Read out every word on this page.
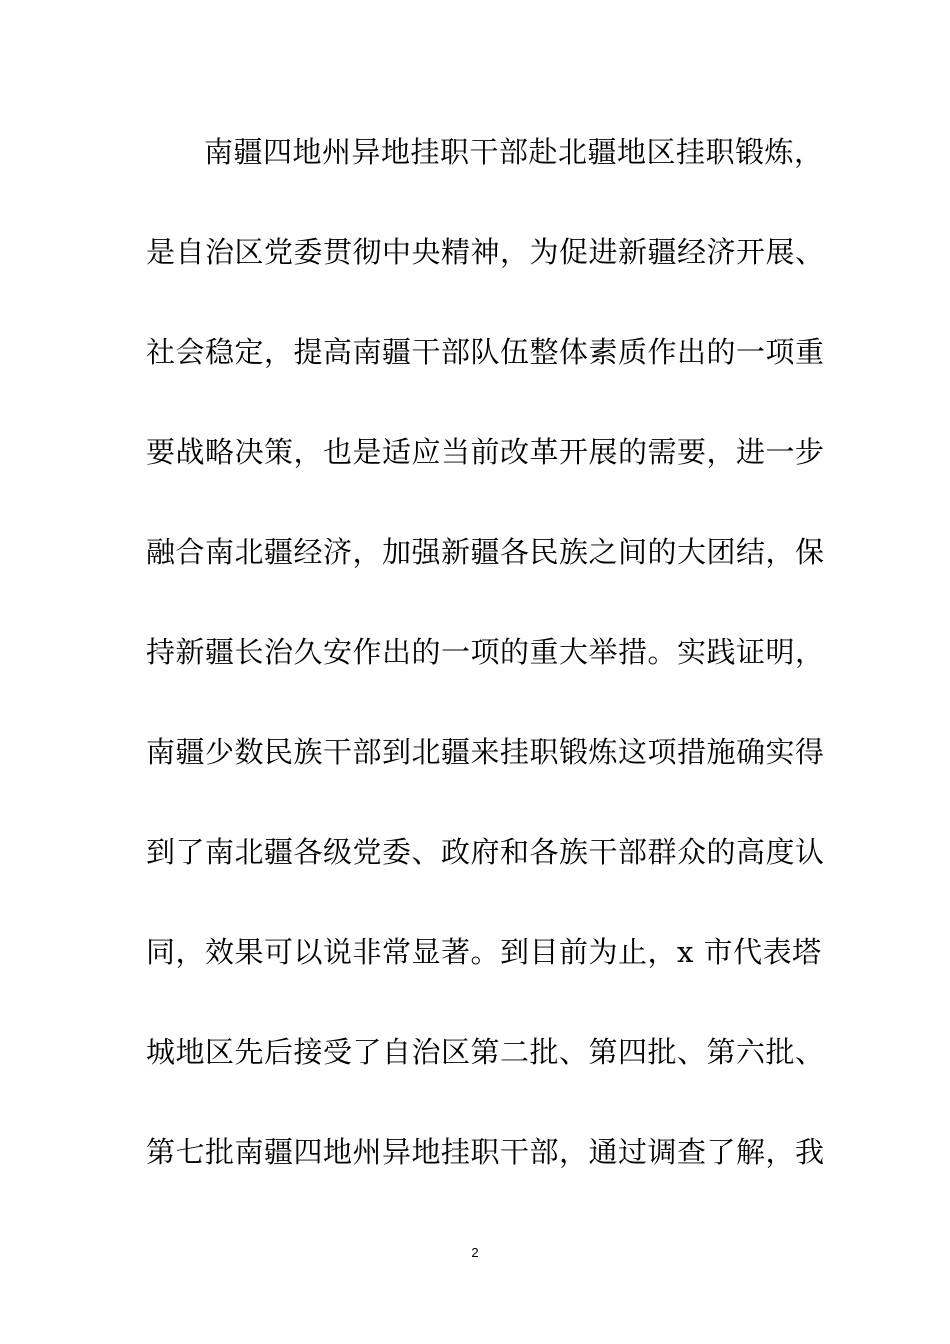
南疆四地州异地挂职干部赴北疆地区挂职锻炼，
是自治区党委贯彻中央精神，为促进新疆经济开展、
社会稳定，提高南疆干部队伍整体素质作出的一项重
要战略决策，也是适应当前改革开展的需要，进一步
融合南北疆经济，加强新疆各民族之间的大团结，保
持新疆长治久安作出的一项的重大举措。实践证明，
南疆少数民族干部到北疆来挂职锻炼这项措施确实得
到了南北疆各级党委、政府和各族干部群众的高度认
同，效果可以说非常显著。到目前为止，x 市代表塔
城地区先后接受了自治区第二批、第四批、第六批、
第七批南疆四地州异地挂职干部，通过调查了解，我
2
